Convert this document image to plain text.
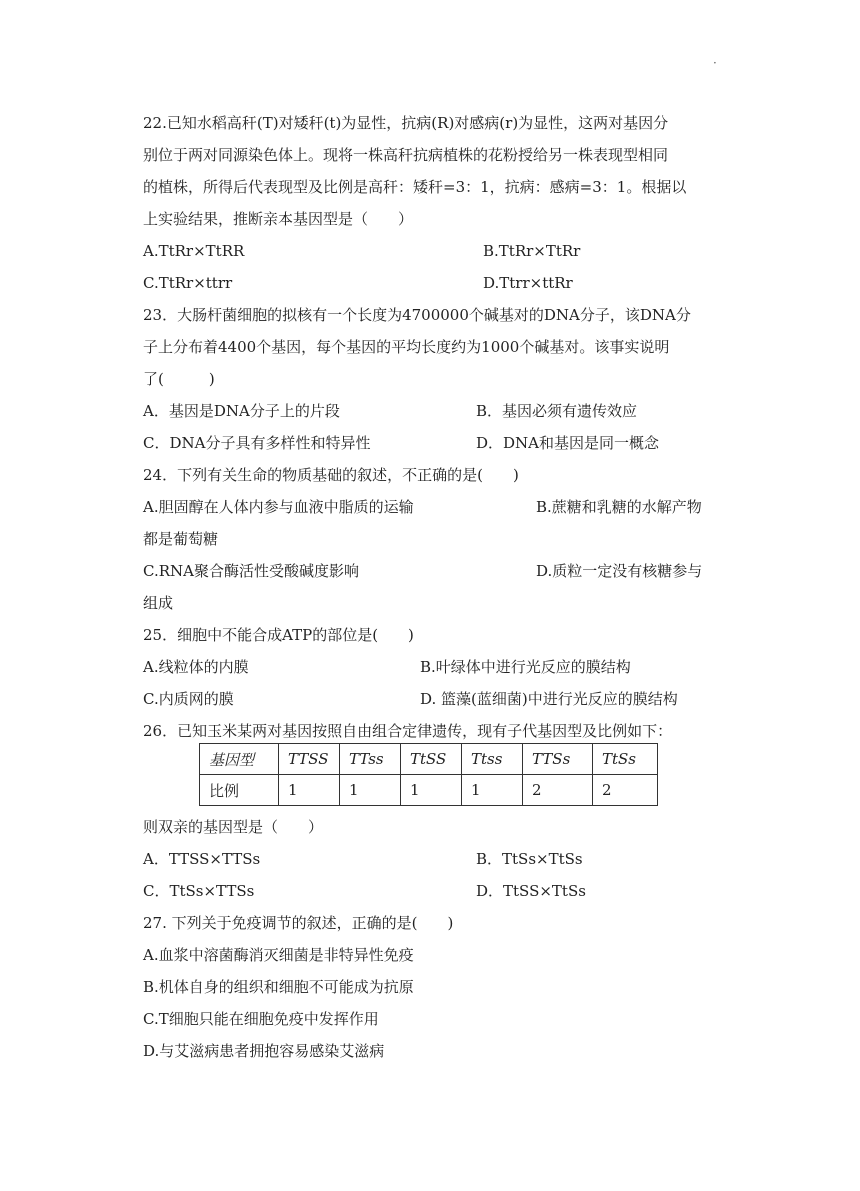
·
22.已知水稻高秆(T)对矮秆(t)为显性，抗病(R)对感病(r)为显性，这两对基因分
别位于两对同源染色体上。现将一株高秆抗病植株的花粉授给另一株表现型相同
的植株，所得后代表现型及比例是高秆：矮秆=3：1，抗病：感病=3：1。根据以
上实验结果，推断亲本基因型是（　　）
A.TtRr×TtRR	B.TtRr×TtRr
C.TtRr×ttrr	D.Ttrr×ttRr
23．大肠杆菌细胞的拟核有一个长度为4700000个碱基对的DNA分子，该DNA分
子上分布着4400个基因，每个基因的平均长度约为1000个碱基对。该事实说明
了(　　　)
A．基因是DNA分子上的片段	B．基因必须有遗传效应
C．DNA分子具有多样性和特异性	D．DNA和基因是同一概念
24．下列有关生命的物质基础的叙述，不正确的是(　　)
A.胆固醇在人体内参与血液中脂质的运输	B.蔗糖和乳糖的水解产物
都是葡萄糖
C.RNA聚合酶活性受酸碱度影响	D.质粒一定没有核糖参与
组成
25．细胞中不能合成ATP的部位是(　　)
A.线粒体的内膜	B.叶绿体中进行光反应的膜结构
C.内质网的膜	D. 篮藻(蓝细菌)中进行光反应的膜结构
26．已知玉米某两对基因按照自由组合定律遗传，现有子代基因型及比例如下：
基因型	TTSS	TTss	TtSS	Ttss	TTSs	TtSs
比例	1	1	1	1	2	2
则双亲的基因型是（　　）
A．TTSS×TTSs	B．TtSs×TtSs
C．TtSs×TTSs	D．TtSS×TtSs
27. 下列关于免疫调节的叙述，正确的是(　　)
A.血浆中溶菌酶消灭细菌是非特异性免疫
B.机体自身的组织和细胞不可能成为抗原
C.T细胞只能在细胞免疫中发挥作用
D.与艾滋病患者拥抱容易感染艾滋病
